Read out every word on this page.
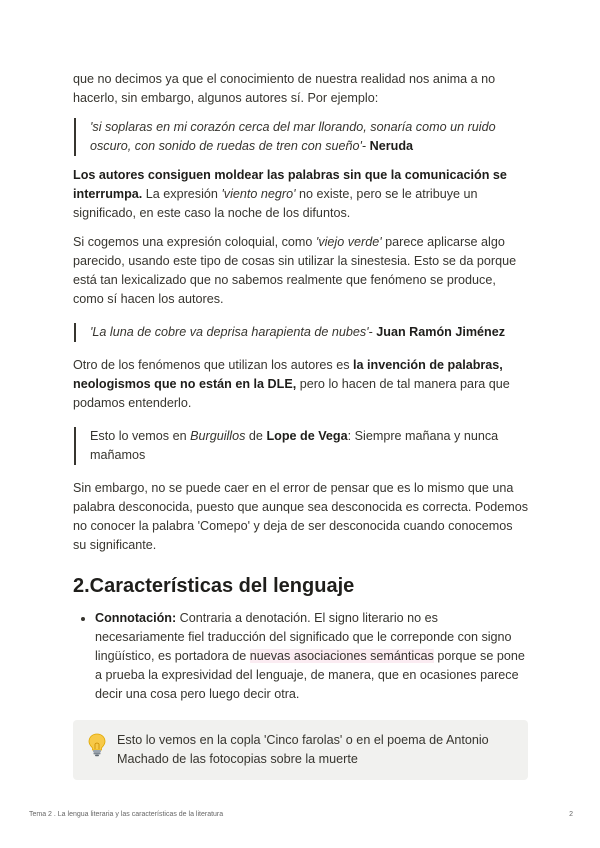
que no decimos ya que el conocimiento de nuestra realidad nos anima a no hacerlo, sin embargo, algunos autores sí. Por ejemplo:

'si soplaras en mi corazón cerca del mar llorando, sonaría como un ruido oscuro, con sonido de ruedas de tren con sueño'- Neruda

Los autores consiguen moldear las palabras sin que la comunicación se interrumpa. La expresión 'viento negro' no existe, pero se le atribuye un significado, en este caso la noche de los difuntos.

Si cogemos una expresión coloquial, como 'viejo verde' parece aplicarse algo parecido, usando este tipo de cosas sin utilizar la sinestesia. Esto se da porque está tan lexicalizado que no sabemos realmente que fenómeno se produce, como sí hacen los autores.

'La luna de cobre va deprisa harapienta de nubes'- Juan Ramón Jiménez

Otro de los fenómenos que utilizan los autores es la invención de palabras, neologismos que no están en la DLE, pero lo hacen de tal manera para que podamos entenderlo.

Esto lo vemos en Burguillos de Lope de Vega: Siempre mañana y nunca mañamos

Sin embargo, no se puede caer en el error de pensar que es lo mismo que una palabra desconocida, puesto que aunque sea desconocida es correcta. Podemos no conocer la palabra 'Comepo' y deja de ser desconocida cuando conocemos su significante.

2.Características del lenguaje
• Connotación: Contraria a denotación. El signo literario no es necesariamente fiel traducción del significado que le correponde con signo lingüístico, es portadora de nuevas asociaciones semánticas porque se pone a prueba la expresividad del lenguaje, de manera, que en ocasiones parece decir una cosa pero luego decir otra.

Esto lo vemos en la copla 'Cinco farolas' o en el poema de Antonio Machado de las fotocopias sobre la muerte

Tema 2 . La lengua literaria y las características de la literatura	2
